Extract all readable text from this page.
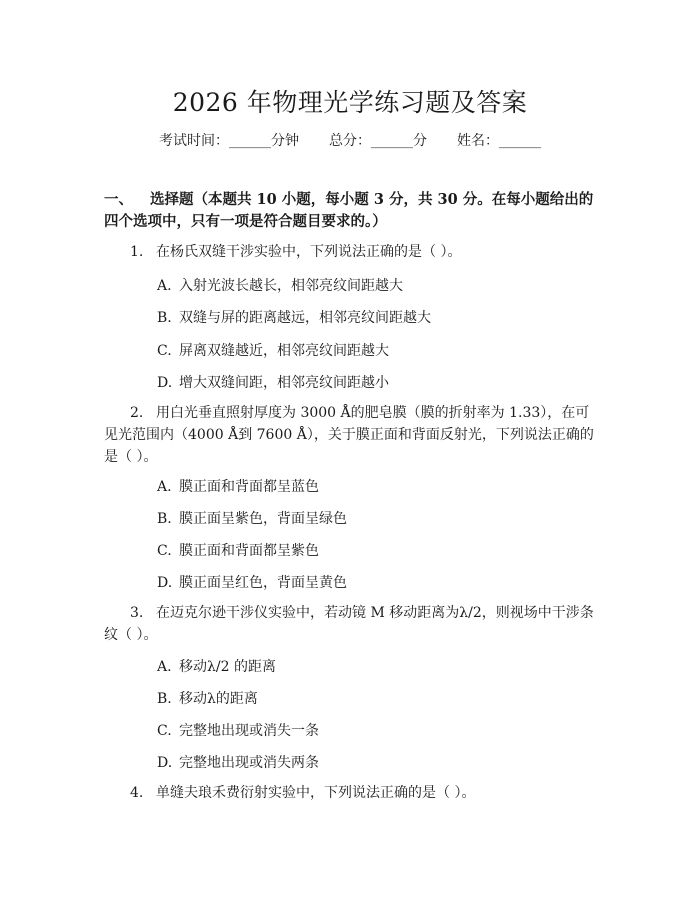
2026 年物理光学练习题及答案
考试时间：______分钟 总分：______分 姓名：______
一、 选择题（本题共 10 小题，每小题 3 分，共 30 分。在每小题给出的四个选项中，只有一项是符合题目要求的。）
1. 在杨氏双缝干涉实验中，下列说法正确的是（ ）。
A. 入射光波长越长，相邻亮纹间距越大
B. 双缝与屏的距离越远，相邻亮纹间距越大
C. 屏离双缝越近，相邻亮纹间距越大
D. 增大双缝间距，相邻亮纹间距越小
2. 用白光垂直照射厚度为 3000 Å的肥皂膜（膜的折射率为 1.33），在可见光范围内（4000 Å到 7600 Å），关于膜正面和背面反射光，下列说法正确的是（ ）。
A. 膜正面和背面都呈蓝色
B. 膜正面呈紫色，背面呈绿色
C. 膜正面和背面都呈紫色
D. 膜正面呈红色，背面呈黄色
3. 在迈克尔逊干涉仪实验中，若动镜 M 移动距离为λ/2，则视场中干涉条纹（ ）。
A. 移动λ/2 的距离
B. 移动λ的距离
C. 完整地出现或消失一条
D. 完整地出现或消失两条
4. 单缝夫琅禾费衍射实验中，下列说法正确的是（ ）。
